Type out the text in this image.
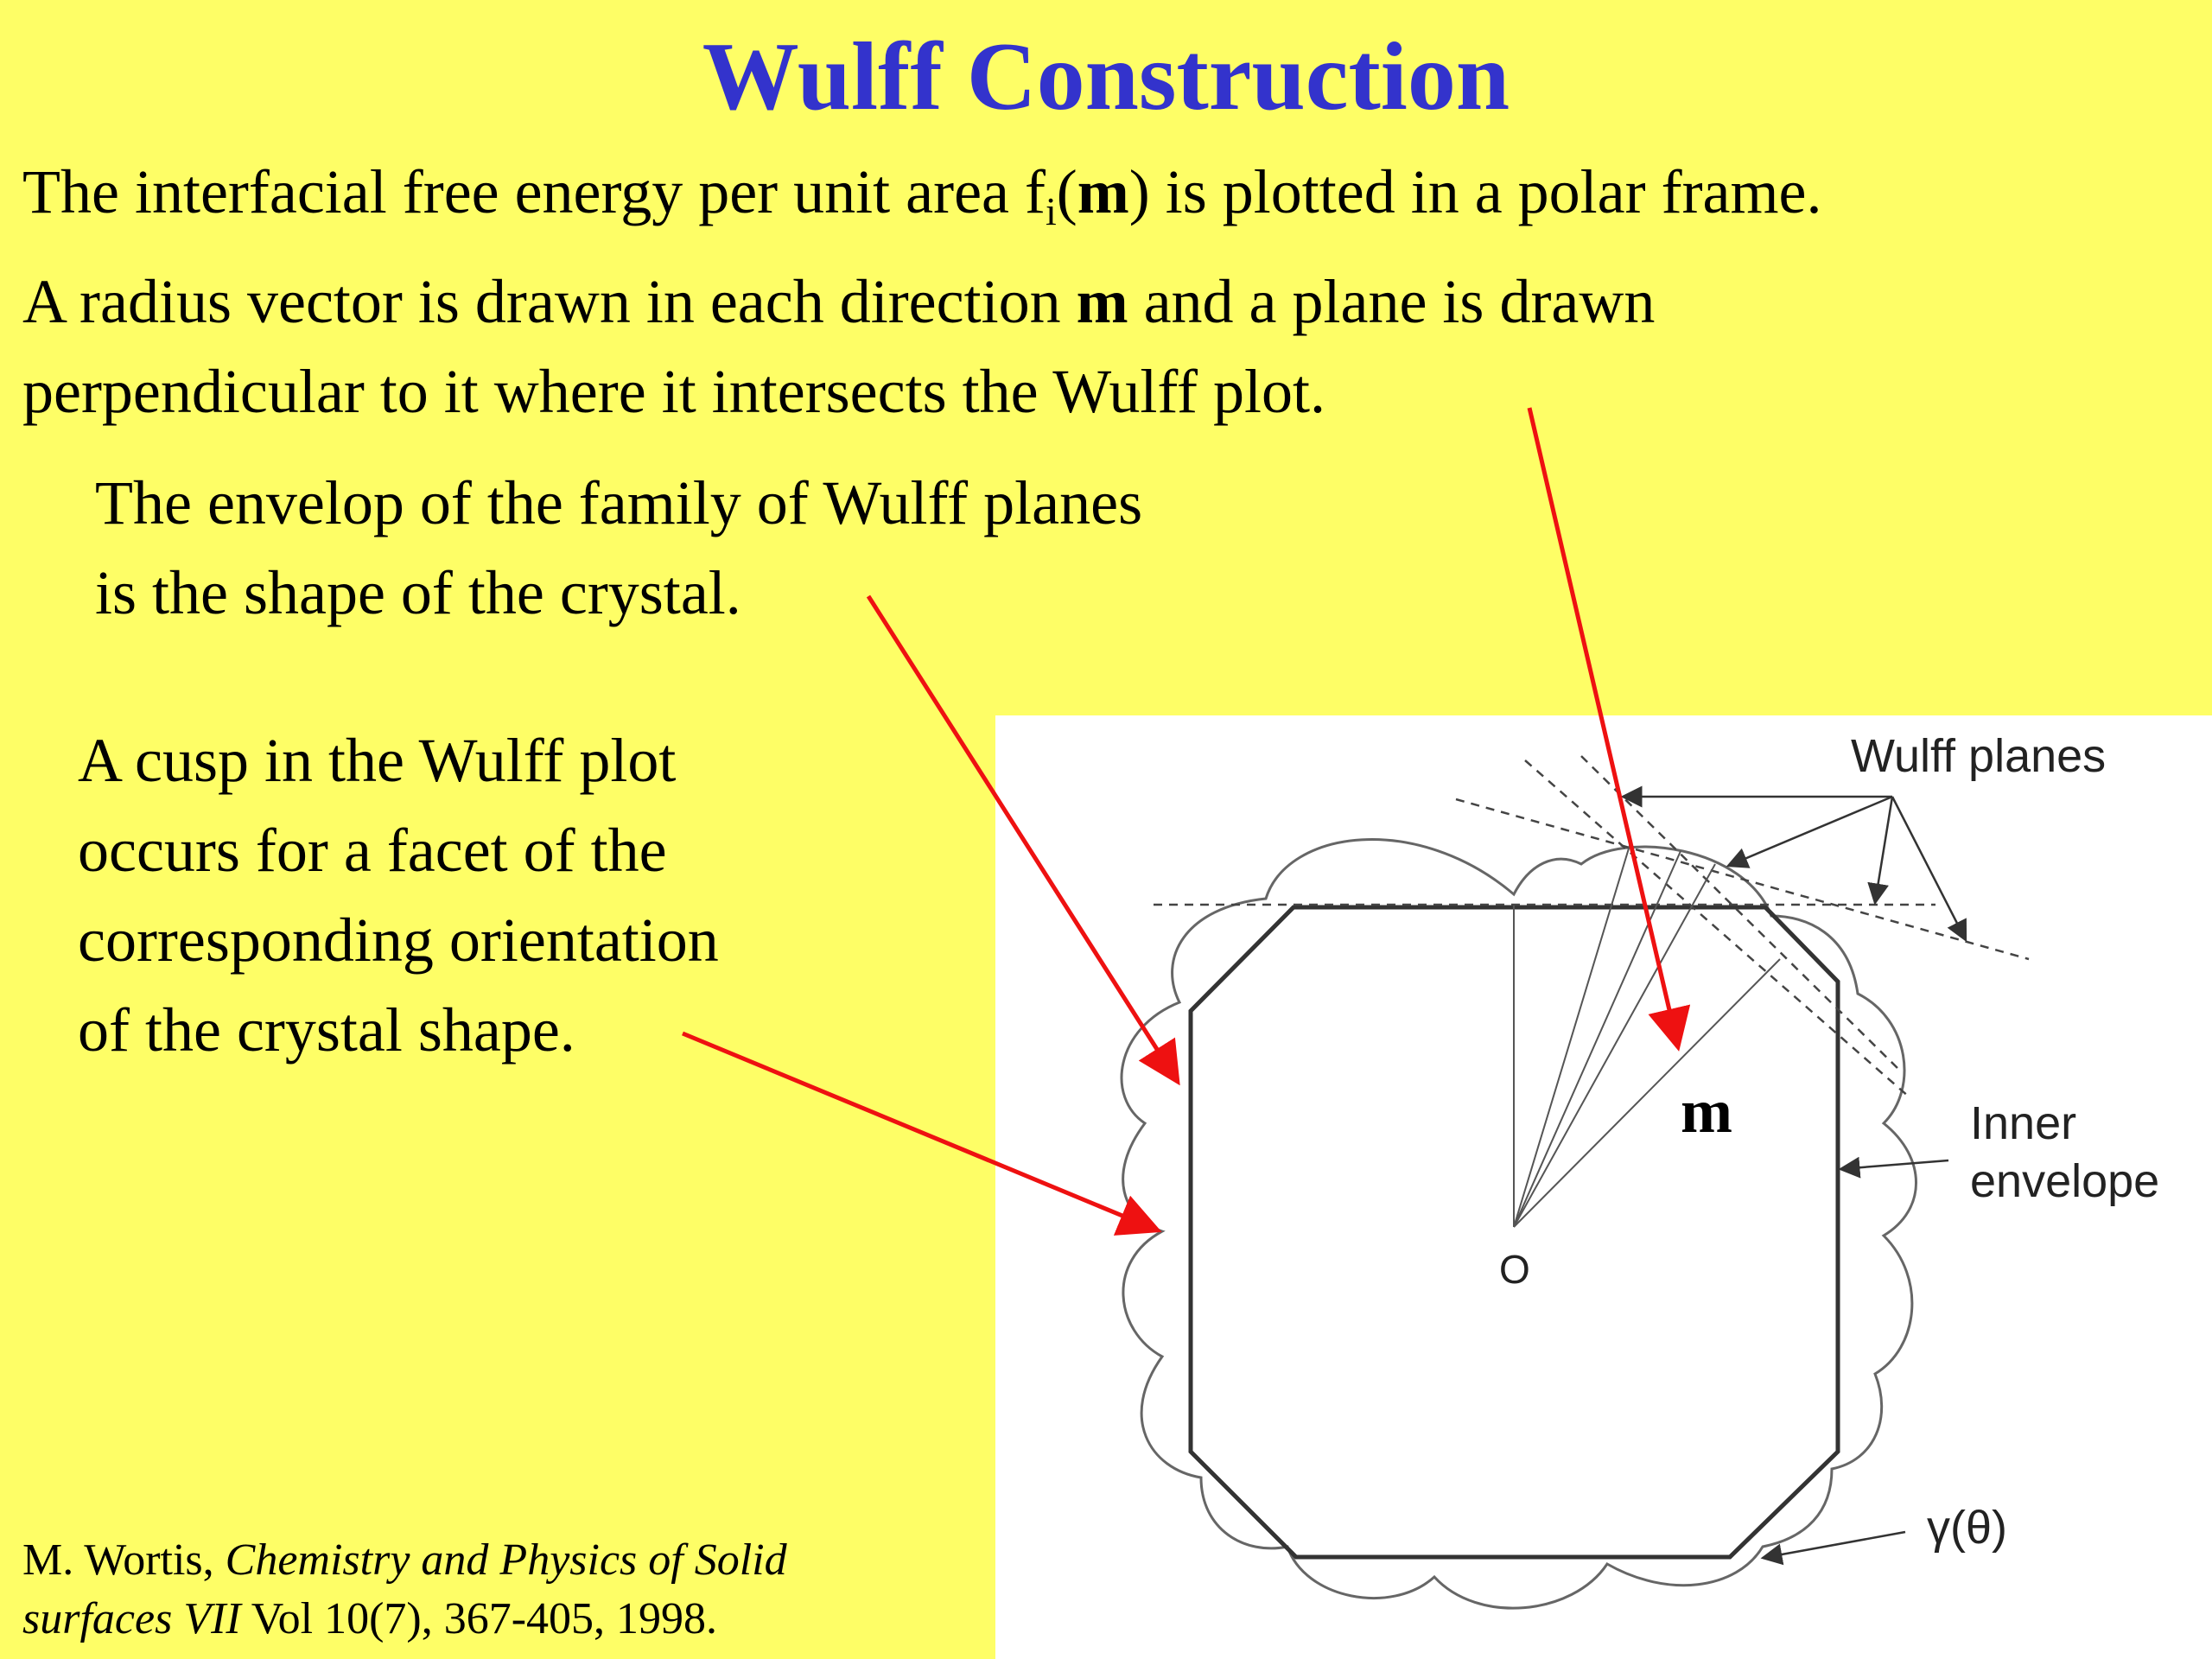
Wulff Construction
The interfacial free energy per unit area $f_i(m)$ is plotted in a polar frame.
A radius vector is drawn in each direction m and a plane is drawn
perpendicular to it where it intersects the Wulff plot.
The envelop of the family of Wulff planes
is the shape of the crystal.
A cusp in the Wulff plot
occurs for a facet of the
corresponding orientation
of the crystal shape.
M. Wortis, Chemistry and Physics of Solid
surfaces VII Vol 10(7), 367-405, 1998.
Wulff planes
Inner
envelope
γ(θ)
O
m
